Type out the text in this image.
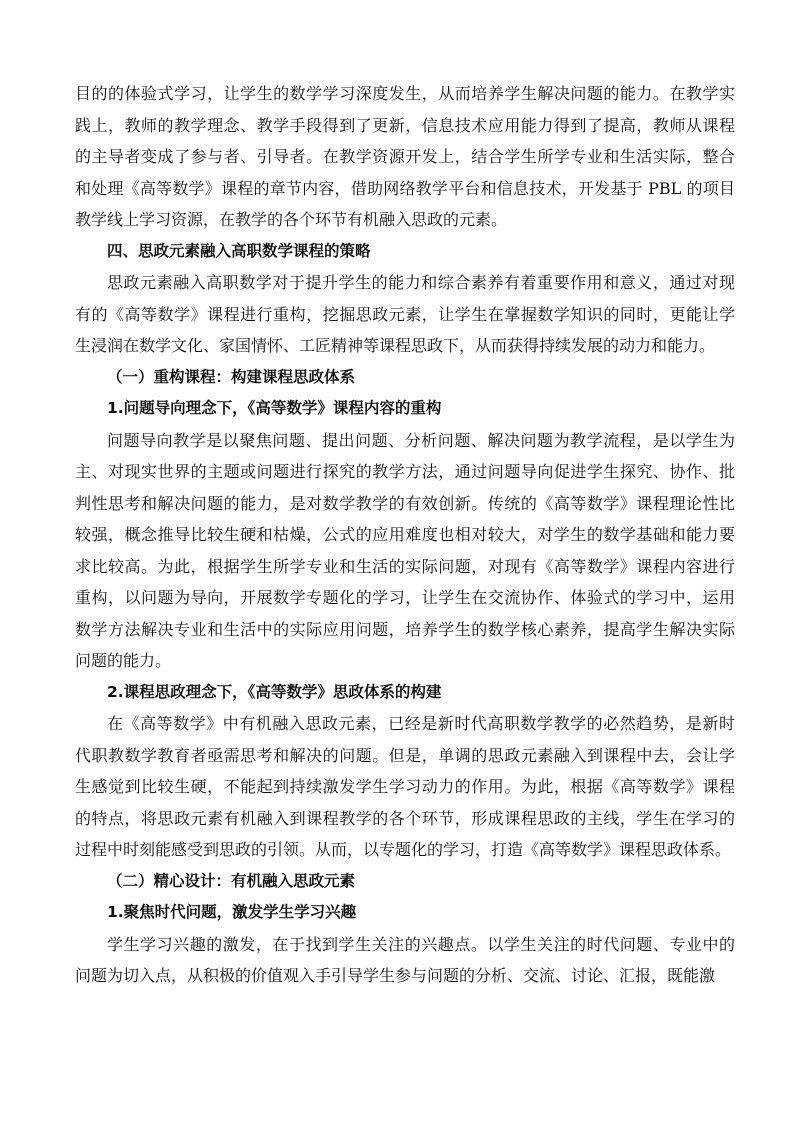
目的的体验式学习，让学生的数学学习深度发生，从而培养学生解决问题的能力。在教学实
践上，教师的教学理念、教学手段得到了更新，信息技术应用能力得到了提高，教师从课程
的主导者变成了参与者、引导者。在教学资源开发上，结合学生所学专业和生活实际，整合
和处理《高等数学》课程的章节内容，借助网络教学平台和信息技术，开发基于 PBL 的项目
教学线上学习资源，在教学的各个环节有机融入思政的元素。
四、思政元素融入高职数学课程的策略
思政元素融入高职数学对于提升学生的能力和综合素养有着重要作用和意义，通过对现
有的《高等数学》课程进行重构，挖掘思政元素，让学生在掌握数学知识的同时，更能让学
生浸润在数学文化、家国情怀、工匠精神等课程思政下，从而获得持续发展的动力和能力。
（一）重构课程：构建课程思政体系
1.问题导向理念下，《高等数学》课程内容的重构
问题导向教学是以聚焦问题、提出问题、分析问题、解决问题为教学流程，是以学生为
主、对现实世界的主题或问题进行探究的教学方法，通过问题导向促进学生探究、协作、批
判性思考和解决问题的能力，是对数学教学的有效创新。传统的《高等数学》课程理论性比
较强，概念推导比较生硬和枯燥，公式的应用难度也相对较大，对学生的数学基础和能力要
求比较高。为此，根据学生所学专业和生活的实际问题，对现有《高等数学》课程内容进行
重构，以问题为导向，开展数学专题化的学习，让学生在交流协作、体验式的学习中，运用
数学方法解决专业和生活中的实际应用问题，培养学生的数学核心素养，提高学生解决实际
问题的能力。
2.课程思政理念下，《高等数学》思政体系的构建
在《高等数学》中有机融入思政元素，已经是新时代高职数学教学的必然趋势，是新时
代职教数学教育者亟需思考和解决的问题。但是，单调的思政元素融入到课程中去，会让学
生感觉到比较生硬，不能起到持续激发学生学习动力的作用。为此，根据《高等数学》课程
的特点，将思政元素有机融入到课程教学的各个环节，形成课程思政的主线，学生在学习的
过程中时刻能感受到思政的引领。从而，以专题化的学习，打造《高等数学》课程思政体系。
（二）精心设计：有机融入思政元素
1.聚焦时代问题，激发学生学习兴趣
学生学习兴趣的激发，在于找到学生关注的兴趣点。以学生关注的时代问题、专业中的
问题为切入点，从积极的价值观入手引导学生参与问题的分析、交流、讨论、汇报，既能激
